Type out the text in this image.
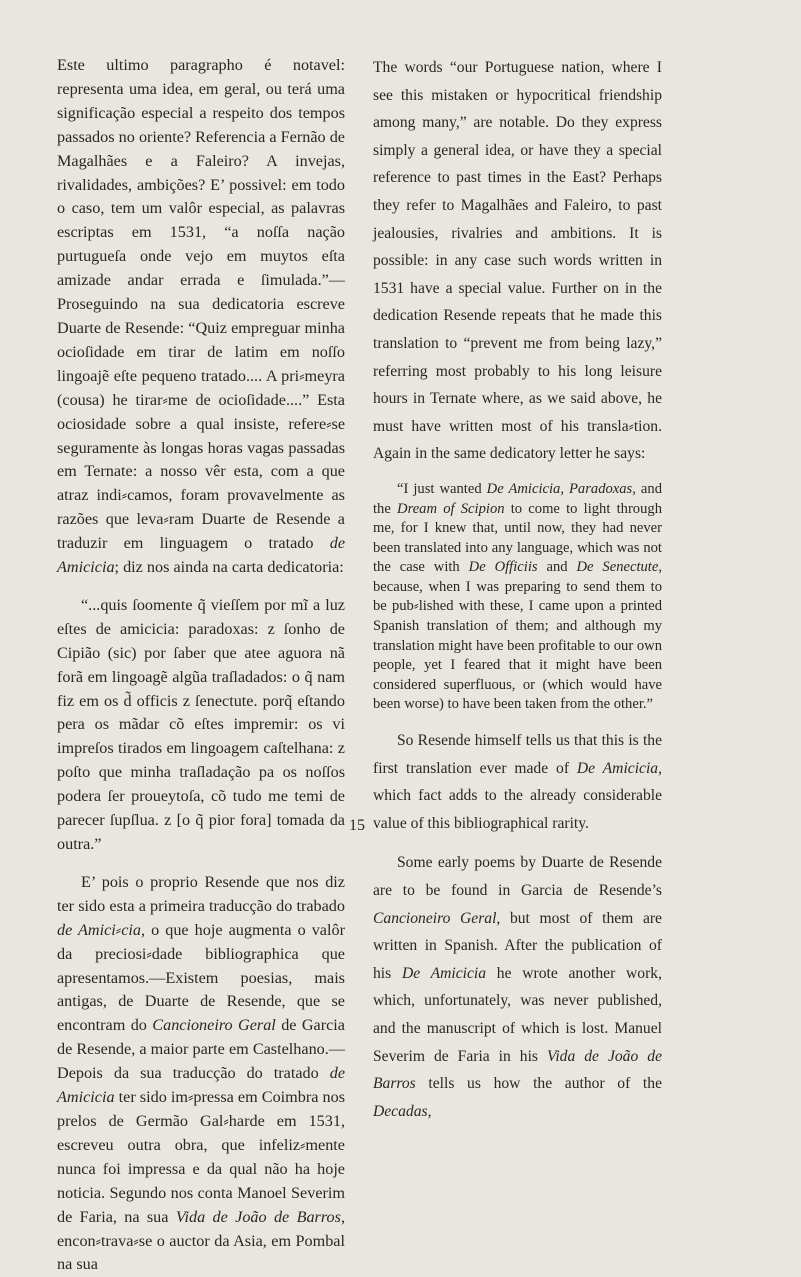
Este ultimo paragrapho é notavel: representa uma idea, em geral, ou terá uma significação especial a respeito dos tempos passados no oriente? Referencia a Fernão de Magalhães e a Faleiro? A invejas, rivalidades, ambições? E’ possivel: em todo o caso, tem um valôr especial, as palavras escriptas em 1531, “a noſſa nação purtugueſa onde vejo em muytos eſta amizade andar errada e ſimulada.”—Proseguindo na sua dedicatoria escreve Duarte de Resende: “Quiz empreguar minha ocioſidade em tirar de latim em noſſo lingoajẽ eſte pequeno tratado.... A pri⸗meyra (cousa) he tirar⸗me de ocioſidade....” Esta ociosidade sobre a qual insiste, refere⸗se seguramente às longas horas vagas passadas em Ternate: a nosso vêr esta, com a que atraz indi⸗camos, foram provavelmente as razões que leva⸗ram Duarte de Resende a traduzir em linguagem o tratado de Amicicia; diz nos ainda na carta dedicatoria:

“...quis ſoomente q̃ vieſſem por mĩ a luz eſtes de amicicia: paradoxas: z ſonho de Cipião (sic) por ſaber que atee aguora nã forã em lingoagẽ algũa traſladados: o q̃ nam fiz em os d̃ officis z ſenectute. porq̃ eſtando pera os mãdar cõ eſtes impremir: os vi impreſos tirados em lingoagem caſtelhana: z poſto que minha traſladação pa os noſſos podera ſer proueytoſa, cõ tudo me temi de parecer ſupſlua. z [o q̃ pior fora] tomada da outra.”

E’ pois o proprio Resende que nos diz ter sido esta a primeira traducção do trabado de Amici⸗cia, o que hoje augmenta o valôr da preciosi⸗dade bibliographica que apresentamos.—Existem poesias, mais antigas, de Duarte de Resende, que se encontram do Cancioneiro Geral de Garcia de Resende, a maior parte em Castelhano.—Depois da sua traducção do tratado de Amicicia ter sido im⸗pressa em Coimbra nos prelos de Germão Gal⸗harde em 1531, escreveu outra obra, que infeliz⸗mente nunca foi impressa e da qual não ha hoje noticia. Segundo nos conta Manoel Severim de Faria, na sua Vida de João de Barros, encon⸗trava⸗se o auctor da Asia, em Pombal na sua

The words “our Portuguese nation, where I see this mistaken or hypocritical friendship among many,” are notable. Do they express simply a general idea, or have they a special reference to past times in the East? Perhaps they refer to Magalhães and Faleiro, to past jealousies, rivalries and ambitions. It is possible: in any case such words written in 1531 have a special value. Further on in the dedication Resende repeats that he made this translation to “prevent me from being lazy,” referring most probably to his long leisure hours in Ternate where, as we said above, he must have written most of his transla⸗tion. Again in the same dedicatory letter he says:

“I just wanted De Amicicia, Paradoxas, and the Dream of Scipion to come to light through me, for I knew that, until now, they had never been translated into any language, which was not the case with De Officiis and De Senectute, because, when I was preparing to send them to be pub⸗lished with these, I came upon a printed Spanish translation of them; and although my translation might have been profitable to our own people, yet I feared that it might have been considered superfluous, or (which would have been worse) to have been taken from the other.”

So Resende himself tells us that this is the first translation ever made of De Amicicia, which fact adds to the already considerable value of this bibliographical rarity.

Some early poems by Duarte de Resende are to be found in Garcia de Resende’s Cancioneiro Geral, but most of them are written in Spanish. After the publication of his De Amicicia he wrote another work, which, unfortunately, was never published, and the manuscript of which is lost. Manuel Severim de Faria in his Vida de João de Barros tells us how the author of the Decadas,

15
